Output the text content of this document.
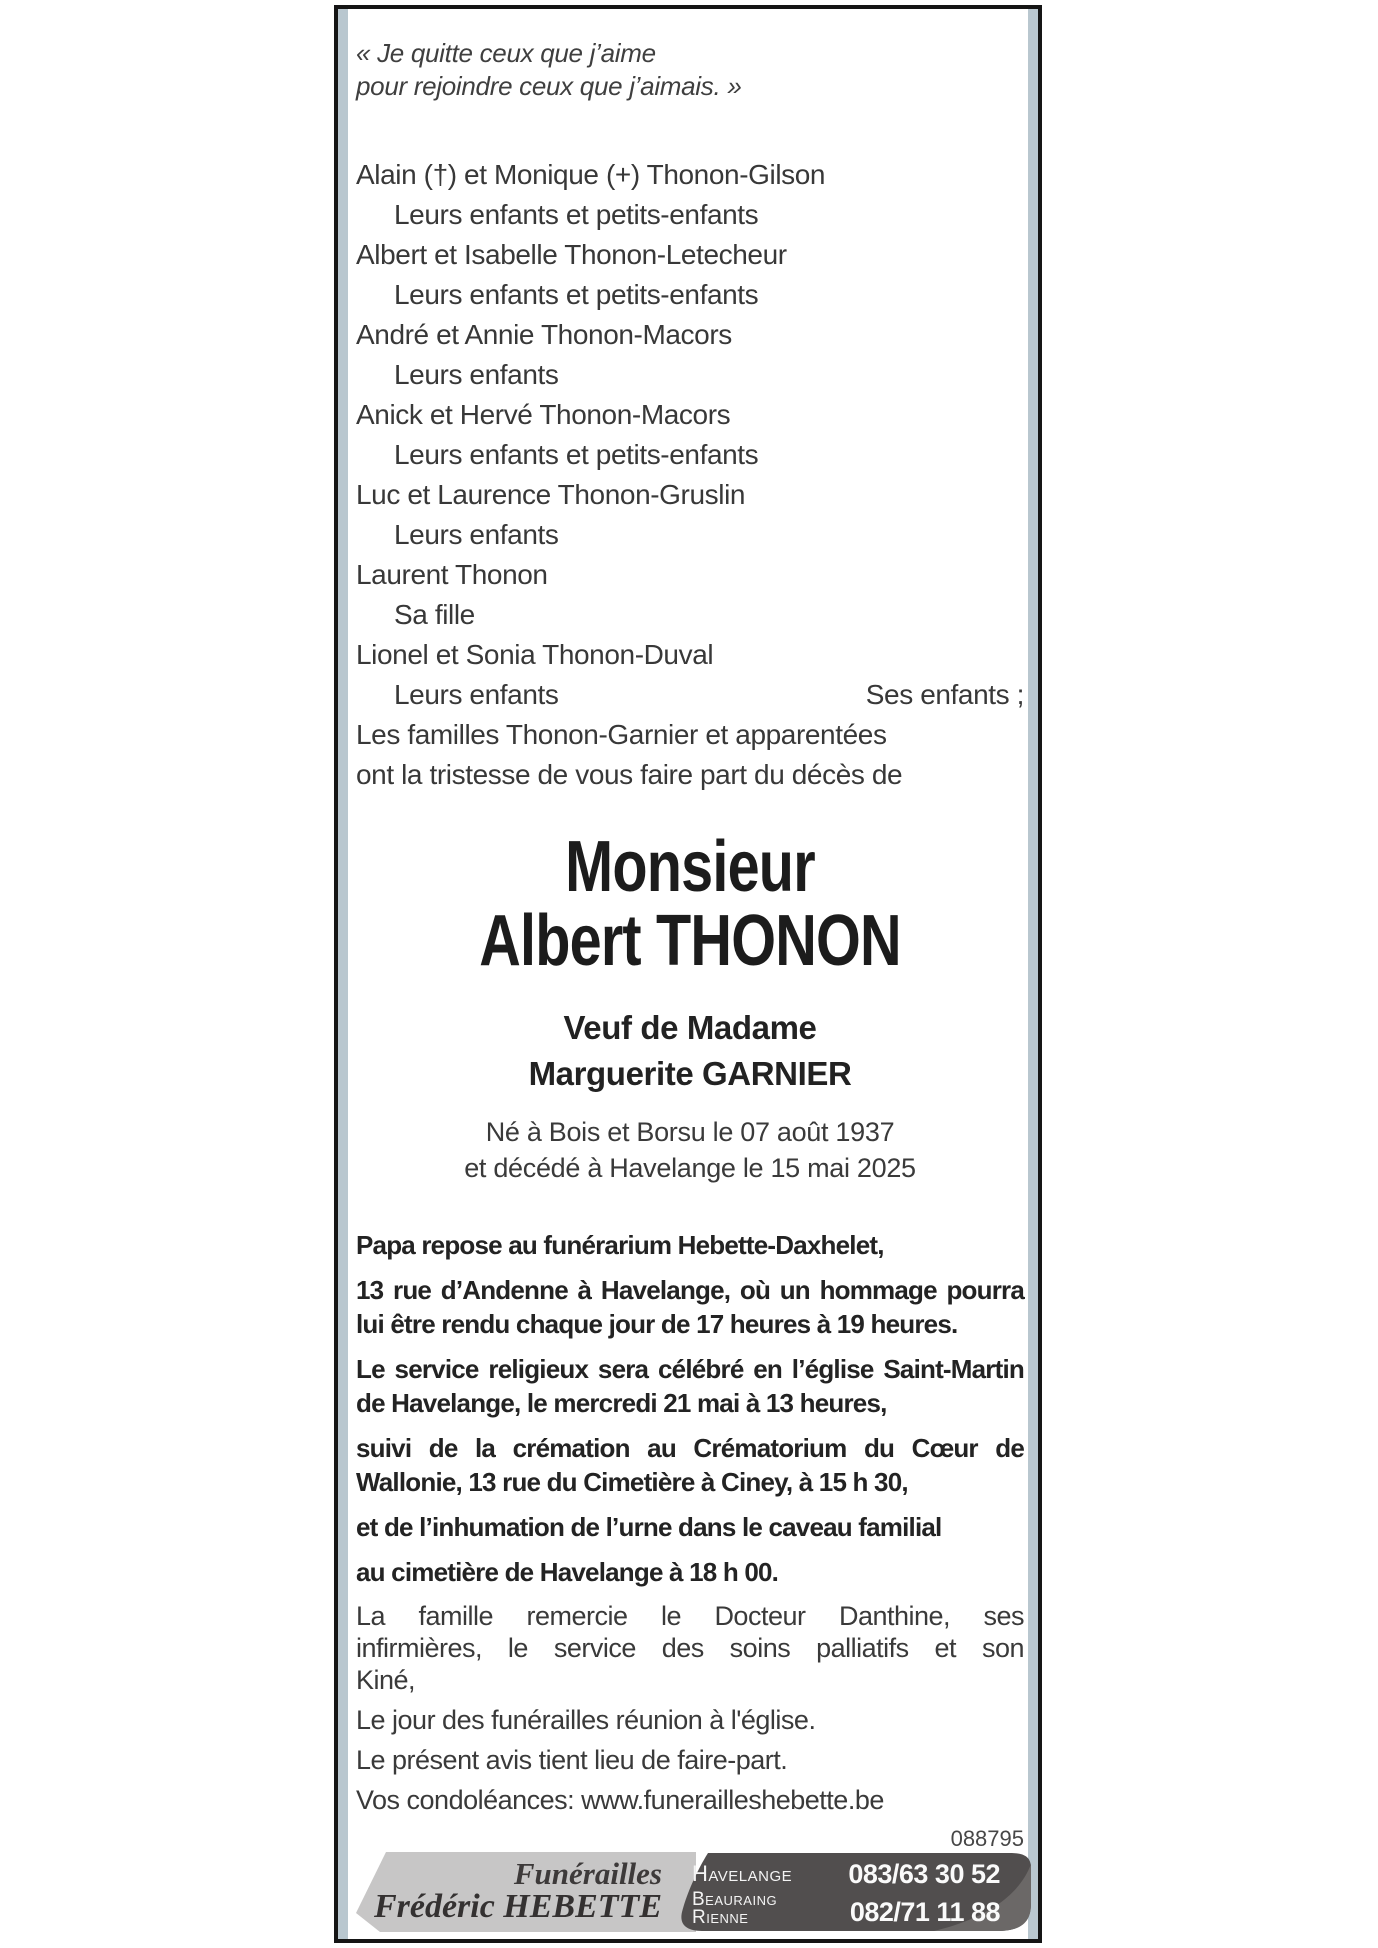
« Je quitte ceux que j’aime
pour rejoindre ceux que j’aimais. »
Alain (†) et Monique (+) Thonon-Gilson
Leurs enfants et petits-enfants
Albert et Isabelle Thonon-Letecheur
Leurs enfants et petits-enfants
André et Annie Thonon-Macors
Leurs enfants
Anick et Hervé Thonon-Macors
Leurs enfants et petits-enfants
Luc et Laurence Thonon-Gruslin
Leurs enfants
Laurent Thonon
Sa fille
Lionel et Sonia Thonon-Duval
Leurs enfants	Ses enfants ;
Les familles Thonon-Garnier et apparentées
ont la tristesse de vous faire part du décès de
Monsieur
Albert THONON
Veuf de Madame
Marguerite GARNIER
Né à Bois et Borsu le 07 août 1937
et décédé à Havelange le 15 mai 2025
Papa repose au funérarium Hebette-Daxhelet,
13 rue d’Andenne à Havelange, où un hommage pourra
lui être rendu chaque jour de 17 heures à 19 heures.
Le service religieux sera célébré en l’église Saint-Martin
de Havelange, le mercredi 21 mai à 13 heures,
suivi de la crémation au Crématorium du Cœur de
Wallonie, 13 rue du Cimetière à Ciney, à 15 h 30,
et de l’inhumation de l’urne dans le caveau familial
au cimetière de Havelange à 18 h 00.
La famille remercie le Docteur Danthine, ses
infirmières, le service des soins palliatifs et son
Kiné,
Le jour des funérailles réunion à l'église.
Le présent avis tient lieu de faire-part.
Vos condoléances: www.funerailleshebette.be
088795
Funérailles
Frédéric HEBETTE
Havelange	083/63 30 52
Beauraing
Rienne	082/71 11 88
